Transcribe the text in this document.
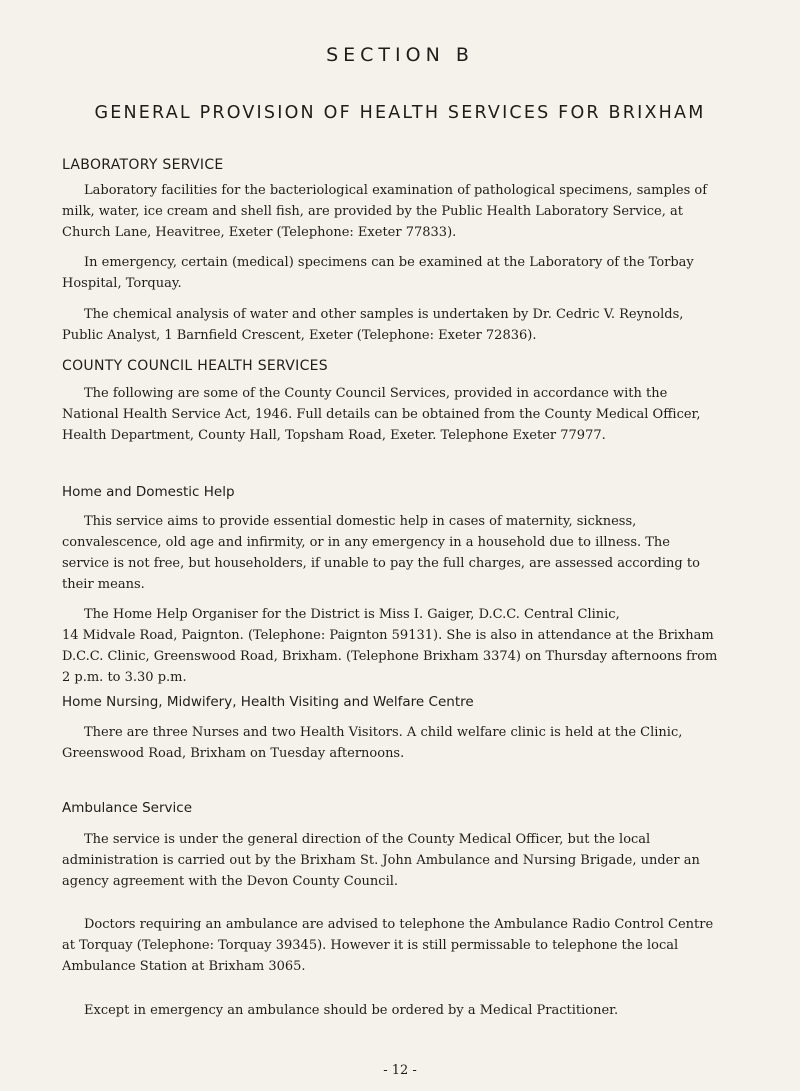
SECTION B
GENERAL PROVISION OF HEALTH SERVICES FOR BRIXHAM
LABORATORY SERVICE

Laboratory facilities for the bacteriological examination of pathological specimens, samples of
milk, water, ice cream and shell fish, are provided by the Public Health Laboratory Service, at
Church Lane, Heavitree, Exeter (Telephone: Exeter 77833).

In emergency, certain (medical) specimens can be examined at the Laboratory of the Torbay
Hospital, Torquay.

The chemical analysis of water and other samples is undertaken by Dr. Cedric V. Reynolds,
Public Analyst, 1 Barnfield Crescent, Exeter (Telephone: Exeter 72836).

COUNTY COUNCIL HEALTH SERVICES

The following are some of the County Council Services, provided in accordance with the
National Health Service Act, 1946. Full details can be obtained from the County Medical Officer,
Health Department, County Hall, Topsham Road, Exeter. Telephone Exeter 77977.

Home and Domestic Help

This service aims to provide essential domestic help in cases of maternity, sickness,
convalescence, old age and infirmity, or in any emergency in a household due to illness. The
service is not free, but householders, if unable to pay the full charges, are assessed according to
their means.

The Home Help Organiser for the District is Miss I. Gaiger, D.C.C. Central Clinic,
14 Midvale Road, Paignton. (Telephone: Paignton 59131). She is also in attendance at the Brixham
D.C.C. Clinic, Greenswood Road, Brixham. (Telephone Brixham 3374) on Thursday afternoons from
2 p.m. to 3.30 p.m.

Home Nursing, Midwifery, Health Visiting and Welfare Centre

There are three Nurses and two Health Visitors. A child welfare clinic is held at the Clinic,
Greenswood Road, Brixham on Tuesday afternoons.

Ambulance Service

The service is under the general direction of the County Medical Officer, but the local
administration is carried out by the Brixham St. John Ambulance and Nursing Brigade, under an
agency agreement with the Devon County Council.

Doctors requiring an ambulance are advised to telephone the Ambulance Radio Control Centre
at Torquay (Telephone: Torquay 39345). However it is still permissable to telephone the local
Ambulance Station at Brixham 3065.

Except in emergency an ambulance should be ordered by a Medical Practitioner.

- 12 -
